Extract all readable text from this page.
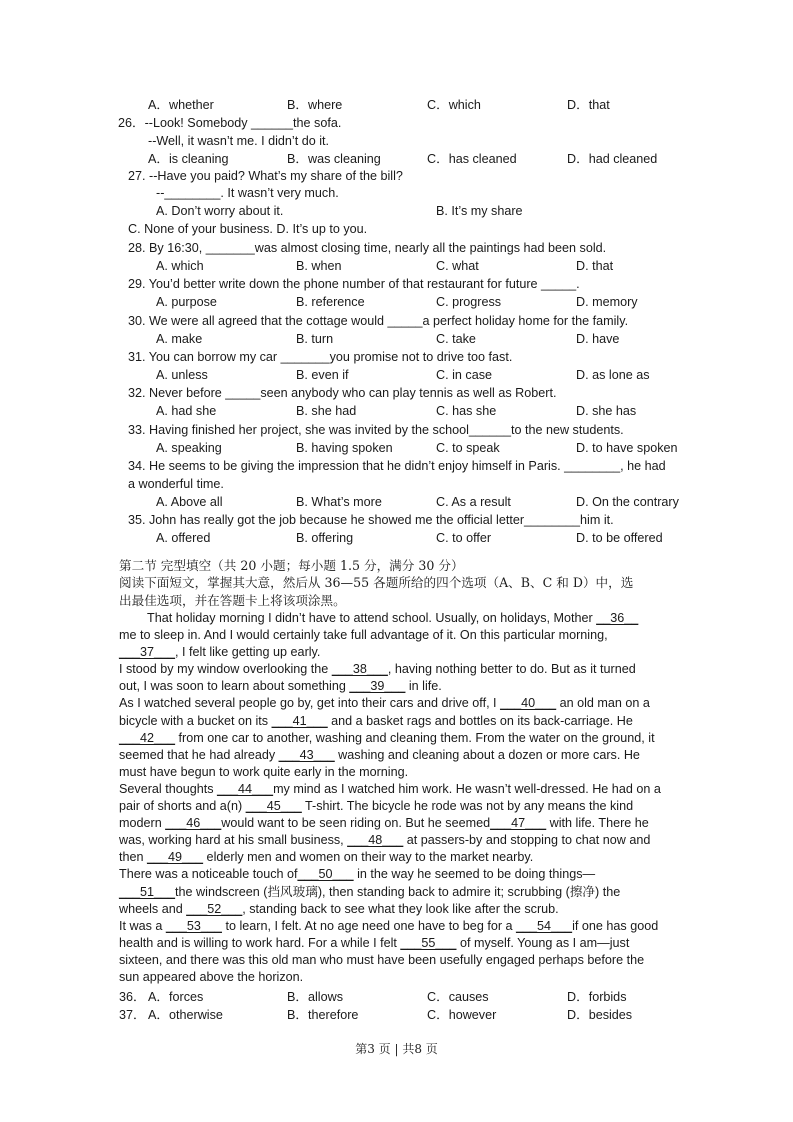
A．whether	B．where	C．which	D．that
26．--Look! Somebody ______the sofa.
--Well, it wasn’t me. I didn’t do it.
A．is cleaning	B．was cleaning	C．has cleaned	D．had cleaned
27. --Have you paid? What’s my share of the bill?
--________. It wasn’t very much.
A. Don’t worry about it.	B. It’s my share
C. None of your business. D. It’s up to you.
28. By 16:30, _______was almost closing time, nearly all the paintings had been sold.
A. which	B. when	C. what	D. that
29. You’d better write down the phone number of that restaurant for future _____.
A. purpose	B. reference	C. progress	D. memory
30. We were all agreed that the cottage would _____a perfect holiday home for the family.
A. make	B. turn	C. take	D. have
31. You can borrow my car _______you promise not to drive too fast.
A. unless	B. even if	C. in case	D. as lone as
32. Never before _____seen anybody who can play tennis as well as Robert.
A. had she	B. she had	C. has she	D. she has
33. Having finished her project, she was invited by the school______to the new students.
A. speaking	B. having spoken	C. to speak	D. to have spoken
34. He seems to be giving the impression that he didn’t enjoy himself in Paris. ________, he had
a wonderful time.
A. Above all	B. What’s more	C. As a result	D. On the contrary
35. John has really got the job because he showed me the official letter________him it.
A. offered	B. offering	C. to offer	D. to be offered
第二节 完型填空（共 20 小题；每小题 1.5 分，满分 30 分）
阅读下面短文，掌握其大意，然后从 36—55 各题所给的四个选项（A、B、C 和 D）中，选
出最佳选项，并在答题卡上将该项涂黑。
That holiday morning I didn’t have to attend school. Usually, on holidays, Mother __36__
me to sleep in. And I would certainly take full advantage of it. On this particular morning,
___37___, I felt like getting up early.
I stood by my window overlooking the ___38___, having nothing better to do. But as it turned
out, I was soon to learn about something ___39___ in life.
As I watched several people go by, get into their cars and drive off, I ___40___ an old man on a
bicycle with a bucket on its ___41___ and a basket rags and bottles on its back-carriage. He
___42___ from one car to another, washing and cleaning them. From the water on the ground, it
seemed that he had already ___43___ washing and cleaning about a dozen or more cars. He
must have begun to work quite early in the morning.
Several thoughts ___44___my mind as I watched him work. He wasn’t well-dressed. He had on a
pair of shorts and a(n) ___45___ T-shirt. The bicycle he rode was not by any means the kind
modern ___46___would want to be seen riding on. But he seemed___47___ with life. There he
was, working hard at his small business, ___48___ at passers-by and stopping to chat now and
then ___49___ elderly men and women on their way to the market nearby.
There was a noticeable touch of___50___ in the way he seemed to be doing things—
___51___the windscreen (挡风玻璃), then standing back to admire it; scrubbing (擦净) the
wheels and ___52___, standing back to see what they look like after the scrub.
It was a ___53___ to learn, I felt. At no age need one have to beg for a ___54___if one has good
health and is willing to work hard. For a while I felt ___55___ of myself. Young as I am—just
sixteen, and there was this old man who must have been usefully engaged perhaps before the
sun appeared above the horizon.
36． A．forces	B．allows	C．causes	D．forbids
37． A．otherwise	B．therefore	C．however	D．besides
第3 页 | 共8 页
